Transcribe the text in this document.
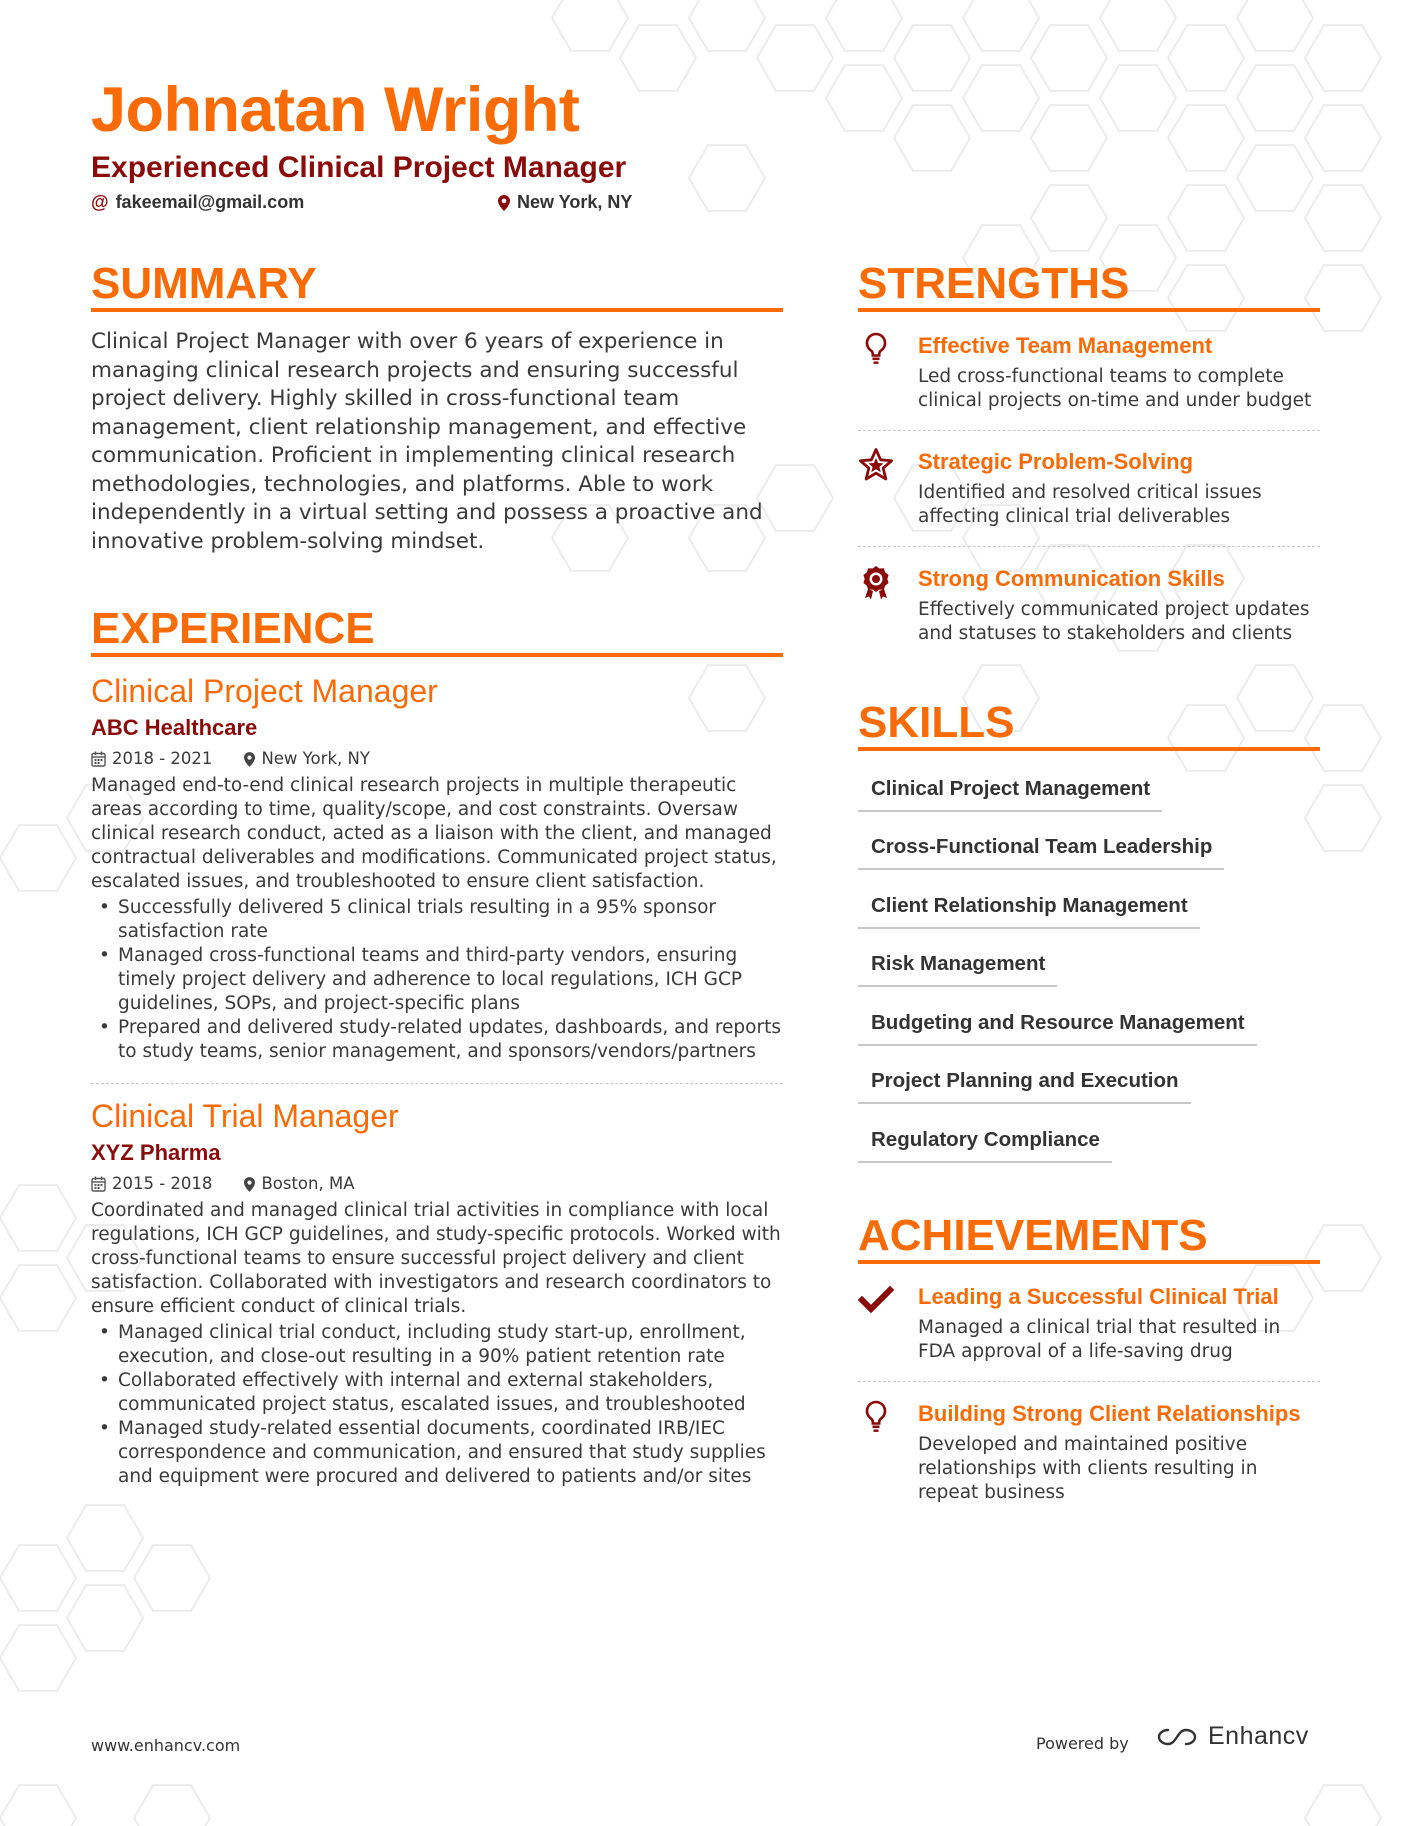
Johnatan Wright
Experienced Clinical Project Manager
@ fakeemail@gmail.com	New York, NY
SUMMARY

Clinical Project Manager with over 6 years of experience in managing clinical research projects and ensuring successful project delivery. Highly skilled in cross-functional team management, client relationship management, and effective communication. Proficient in implementing clinical research methodologies, technologies, and platforms. Able to work independently in a virtual setting and possess a proactive and innovative problem-solving mindset.

EXPERIENCE
Clinical Project Manager
ABC Healthcare
2018 - 2021	New York, NY

Managed end-to-end clinical research projects in multiple therapeutic areas according to time, quality/scope, and cost constraints. Oversaw clinical research conduct, acted as a liaison with the client, and managed contractual deliverables and modifications. Communicated project status, escalated issues, and troubleshooted to ensure client satisfaction.

• Successfully delivered 5 clinical trials resulting in a 95% sponsor satisfaction rate
• Managed cross-functional teams and third-party vendors, ensuring timely project delivery and adherence to local regulations, ICH GCP guidelines, SOPs, and project-specific plans
• Prepared and delivered study-related updates, dashboards, and reports to study teams, senior management, and sponsors/vendors/partners
Clinical Trial Manager
XYZ Pharma
2015 - 2018	Boston, MA

Coordinated and managed clinical trial activities in compliance with local regulations, ICH GCP guidelines, and study-specific protocols. Worked with cross-functional teams to ensure successful project delivery and client satisfaction. Collaborated with investigators and research coordinators to ensure efficient conduct of clinical trials.

• Managed clinical trial conduct, including study start-up, enrollment, execution, and close-out resulting in a 90% patient retention rate
• Collaborated effectively with internal and external stakeholders, communicated project status, escalated issues, and troubleshooted
• Managed study-related essential documents, coordinated IRB/IEC correspondence and communication, and ensured that study supplies and equipment were procured and delivered to patients and/or sites
STRENGTHS
Effective Team Management
Led cross-functional teams to complete clinical projects on-time and under budget
Strategic Problem-Solving
Identified and resolved critical issues affecting clinical trial deliverables
Strong Communication Skills
Effectively communicated project updates and statuses to stakeholders and clients
SKILLS
Clinical Project Management
Cross-Functional Team Leadership
Client Relationship Management
Risk Management
Budgeting and Resource Management
Project Planning and Execution
Regulatory Compliance
ACHIEVEMENTS
Leading a Successful Clinical Trial
Managed a clinical trial that resulted in FDA approval of a life-saving drug
Building Strong Client Relationships
Developed and maintained positive relationships with clients resulting in repeat business
www.enhancv.com	Powered by	Enhancv
